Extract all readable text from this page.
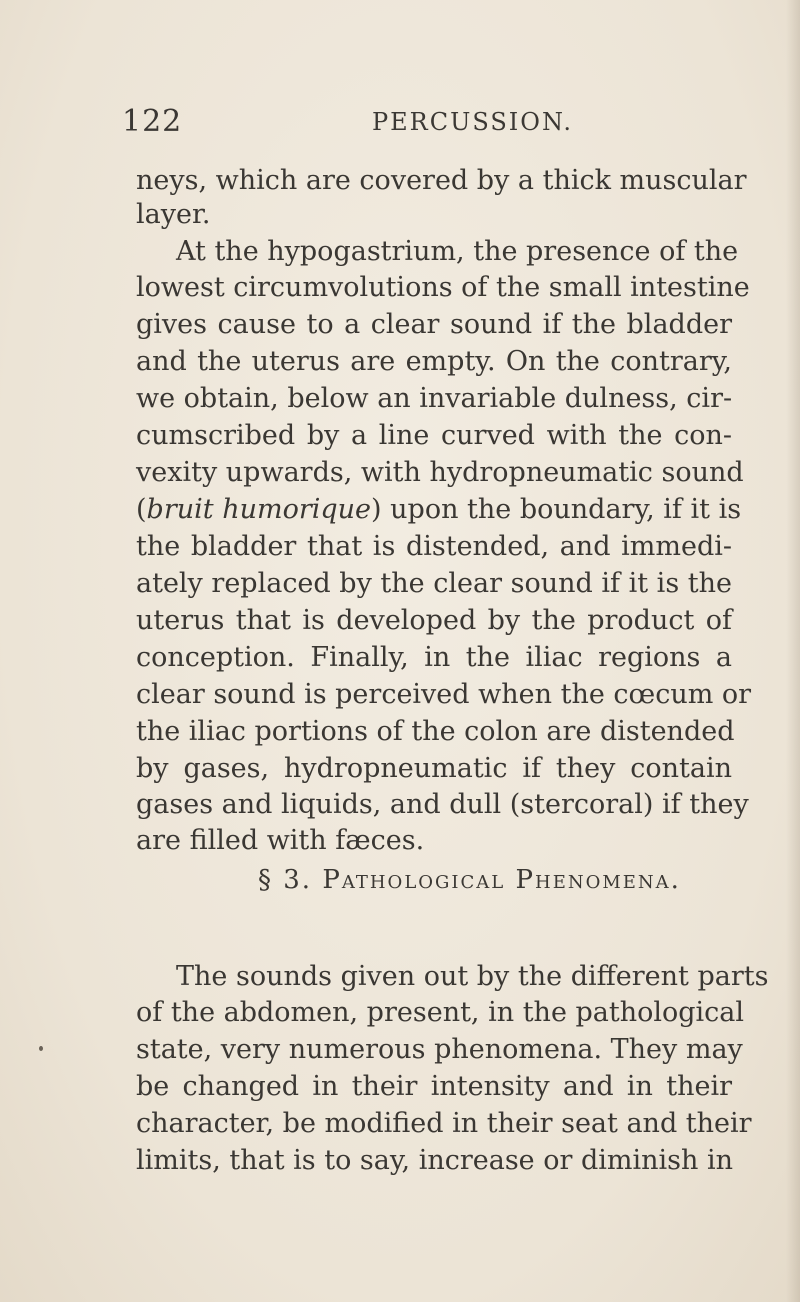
122	PERCUSSION.
neys, which are covered by a thick muscular
layer.
At the hypogastrium, the presence of the
lowest circumvolutions of the small intestine
gives cause to a clear sound if the bladder
and the uterus are empty. On the contrary,
we obtain, below an invariable dulness, cir-
cumscribed by a line curved with the con-
vexity upwards, with hydropneumatic sound
(bruit humorique) upon the boundary, if it is
the bladder that is distended, and immedi-
ately replaced by the clear sound if it is the
uterus that is developed by the product of
conception. Finally, in the iliac regions a
clear sound is perceived when the cœcum or
the iliac portions of the colon are distended
by gases, hydropneumatic if they contain
gases and liquids, and dull (stercoral) if they
are filled with fæces.
§ 3. Pathological Phenomena.
The sounds given out by the different parts
of the abdomen, present, in the pathological
state, very numerous phenomena. They may
be changed in their intensity and in their
character, be modified in their seat and their
limits, that is to say, increase or diminish in
